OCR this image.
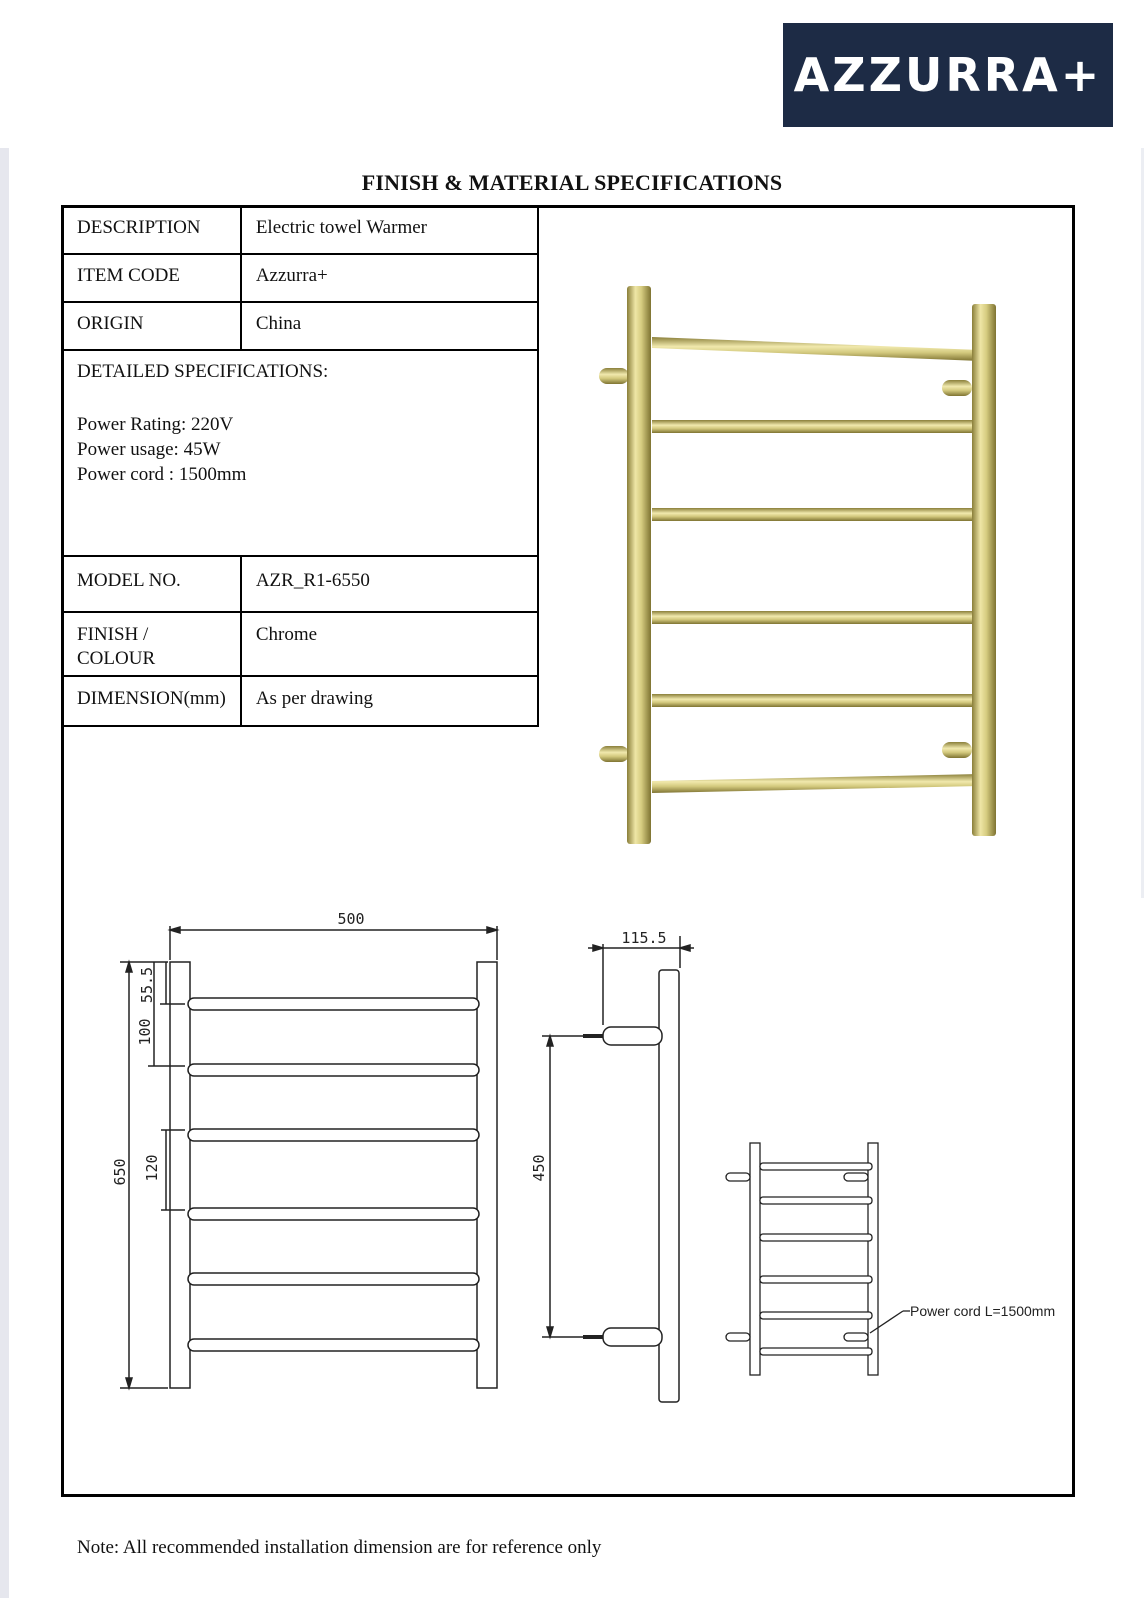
AZZURRA+
FINISH & MATERIAL SPECIFICATIONS
DESCRIPTION	Electric towel Warmer
ITEM CODE	Azzurra+
ORIGIN	China

DETAILED SPECIFICATIONS:
Power Rating: 220V
Power usage: 45W
Power cord : 1500mm	

MODEL NO.	AZR_R1-6550

FINISH /
COLOUR	Chrome
DIMENSION(mm)	As per drawing
500
650
55.5
100
120
115.5
450
Power cord L=1500mm
Note: All recommended installation dimension are for reference only
